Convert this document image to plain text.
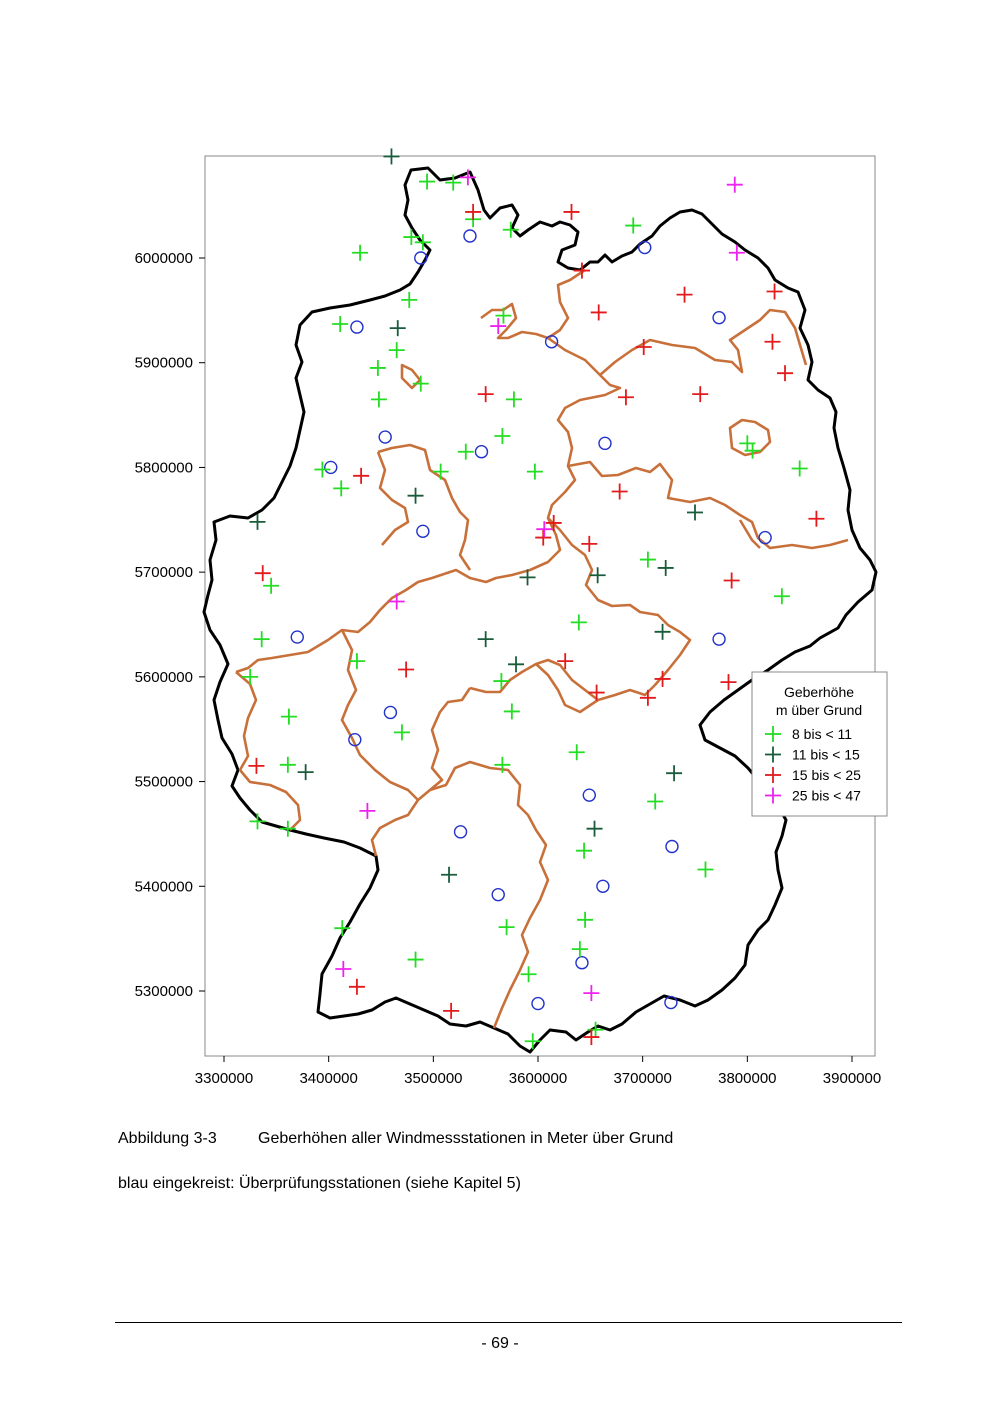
3300000	3400000	3500000	3600000	3700000	3800000	3900000
5300000
5400000
5500000
5600000
5700000
5800000
5900000
6000000
Geberhöhe
m über Grund
8 bis < 11
11 bis < 15
15 bis < 25
25 bis < 47
Abbildung 3-3	Geberhöhen aller Windmessstationen in Meter über Grund
blau eingekreist: Überprüfungsstationen (siehe Kapitel 5)
- 69 -
